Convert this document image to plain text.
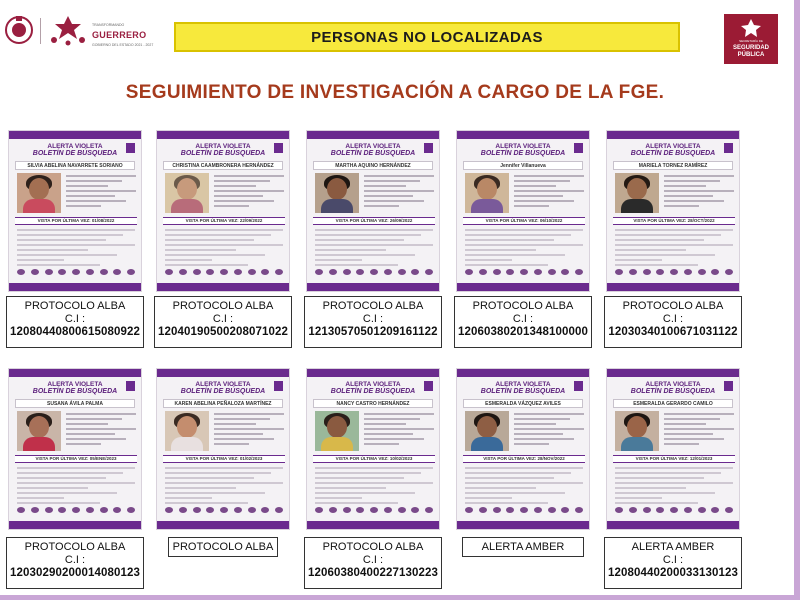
TRANSFORMANDO
GUERRERO
GOBIERNO DEL ESTADO 2021 - 2027	PERSONAS NO LOCALIZADAS	SECRETARÍA DE
SEGURIDAD
PÚBLICA
SEGUIMIENTO DE INVESTIGACIÓN A CARGO DE LA FGE.
ALERTA VIOLETA
BOLETÍN DE BÚSQUEDA
SILVIA ABELINA NAVARRETE SORIANO
VISTA POR ÚLTIMA VEZ: 01/08/2022
PROTOCOLO ALBA
C.I :
12080440800615080922
ALERTA VIOLETA
BOLETÍN DE BÚSQUEDA
CHRISTINA CAAMBRONERA HERNÁNDEZ
VISTA POR ÚLTIMA VEZ: 22/09/2022
PROTOCOLO ALBA
C.I :
12040190500208071022
ALERTA VIOLETA
BOLETÍN DE BÚSQUEDA
MARTHA AQUINO HERNÁNDEZ
VISTA POR ÚLTIMA VEZ: 26/09/2022
PROTOCOLO ALBA
C.I :
12130570501209161122
ALERTA VIOLETA
BOLETÍN DE BÚSQUEDA
Jennifer Villanueva
VISTA POR ÚLTIMA VEZ: 06/10/2022
PROTOCOLO ALBA
C.I :
12060380201348100000
ALERTA VIOLETA
BOLETÍN DE BÚSQUEDA
MARIELA TORNEZ RAMÍREZ
VISTA POR ÚLTIMA VEZ: 28/OCT/2022
PROTOCOLO ALBA
C.I :
12030340100671031122
ALERTA VIOLETA
BOLETÍN DE BÚSQUEDA
SUSANA ÁVILA PALMA
VISTA POR ÚLTIMA VEZ: 05/ENE/2023
PROTOCOLO ALBA
C.I :
12030290200014080123
ALERTA VIOLETA
BOLETÍN DE BÚSQUEDA
KAREN ABELINA PEÑALOZA MARTÍNEZ
VISTA POR ÚLTIMA VEZ: 01/02/2023
PROTOCOLO ALBA
ALERTA VIOLETA
BOLETÍN DE BÚSQUEDA
NANCY CASTRO HERNÁNDEZ
VISTA POR ÚLTIMA VEZ: 10/02/2023
PROTOCOLO ALBA
C.I :
12060380400227130223
ALERTA VIOLETA
BOLETÍN DE BÚSQUEDA
ESMERALDA VÁZQUEZ AVILES
VISTA POR ÚLTIMA VEZ: 28/NOV/2022
ALERTA AMBER
ALERTA VIOLETA
BOLETÍN DE BÚSQUEDA
ESMERALDA GERARDO CAMILO
VISTA POR ÚLTIMA VEZ: 12/01/2023
ALERTA AMBER
C.I :
12080440200033130123
